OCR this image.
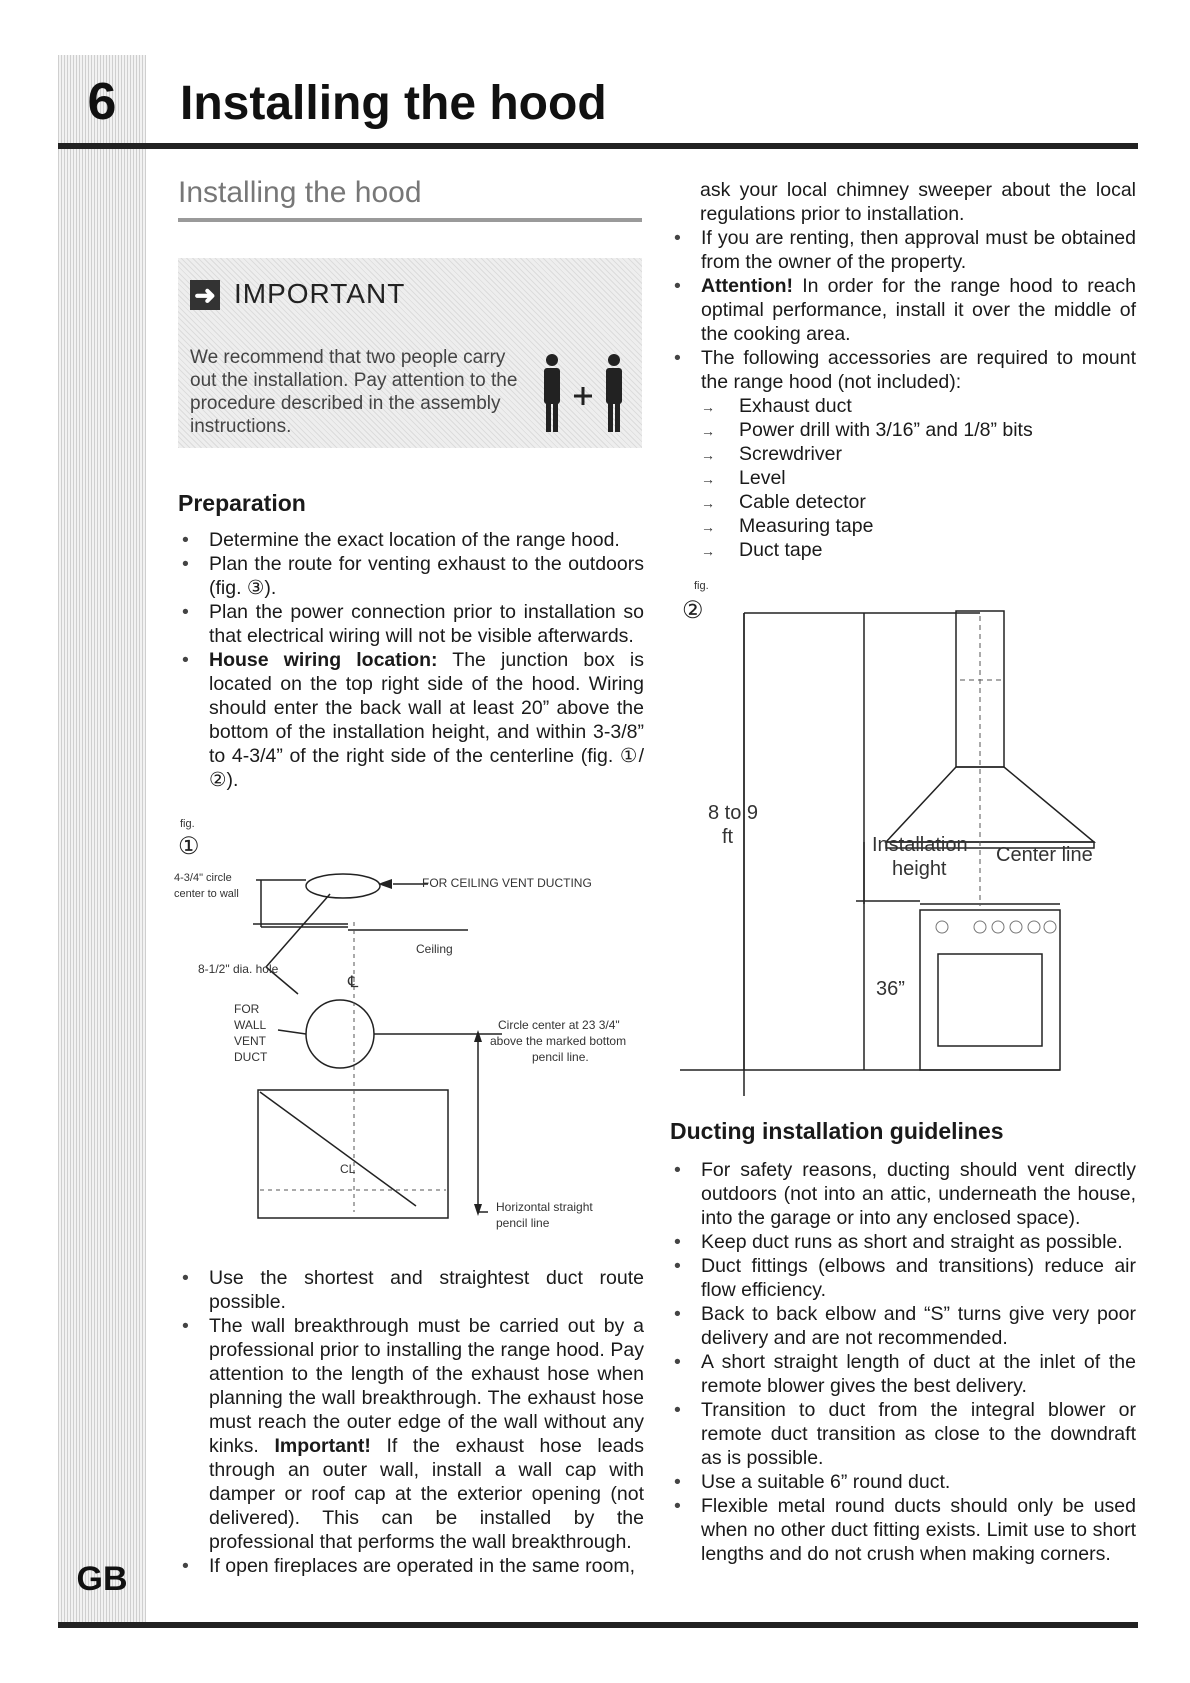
6	Installing the hood
GB
Installing the hood
➜ IMPORTANT
We recommend that two people carry out the installation. Pay attention to the procedure described in the assembly instructions.
Preparation
• Determine the exact location of the range hood.
• Plan the route for venting exhaust to the outdoors (fig. ③).
• Plan the power connection prior to installation so that electrical wiring will not be visible afterwards.
• House wiring location: The junction box is located on the top right side of the hood. Wiring should enter the back wall at least 20” above the bottom of the installation height, and within 3-3/8” to 4-3/4” of the right side of the centerline (fig. ①/②).
fig.
①
4-3/4" circle
center to wall
FOR CEILING VENT DUCTING
Ceiling
8-1/2" dia. hole
℄
FOR
WALL
VENT
DUCT
Circle center at 23 3/4"
above the marked bottom
pencil line.
CL
Horizontal straight
pencil line
• Use the shortest and straightest duct route possible.
• The wall breakthrough must be carried out by a professional prior to installing the range hood. Pay attention to the length of the exhaust hose when planning the wall breakthrough. The exhaust hose must reach the outer edge of the wall without any kinks. Important! If the exhaust hose leads through an outer wall, install a wall cap with damper or roof cap at the exterior opening (not delivered). This can be installed by the professional that performs the wall breakthrough.
• If open fireplaces are operated in the same room,
ask your local chimney sweeper about the local regulations prior to installation.
• If you are renting, then approval must be obtained from the owner of the property.
• Attention! In order for the range hood to reach optimal performance, install it over the middle of the cooking area.
• The following accessories are required to mount the range hood (not included):
→ Exhaust duct
→ Power drill with 3/16” and 1/8” bits
→ Screwdriver
→ Level
→ Cable detector
→ Measuring tape
→ Duct tape
fig.
②
8 to 9
ft	Installation
height
Center line
36”
Ducting installation guidelines
• For safety reasons, ducting should vent directly outdoors (not into an attic, underneath the house, into the garage or into any enclosed space).
• Keep duct runs as short and straight as possible.
• Duct fittings (elbows and transitions) reduce air flow efficiency.
• Back to back elbow and “S” turns give very poor delivery and are not recommended.
• A short straight length of duct at the inlet of the remote blower gives the best delivery.
• Transition to duct from the integral blower or remote duct transition as close to the downdraft as is possible.
• Use a suitable 6” round duct.
• Flexible metal round ducts should only be used when no other duct fitting exists. Limit use to short lengths and do not crush when making corners.
